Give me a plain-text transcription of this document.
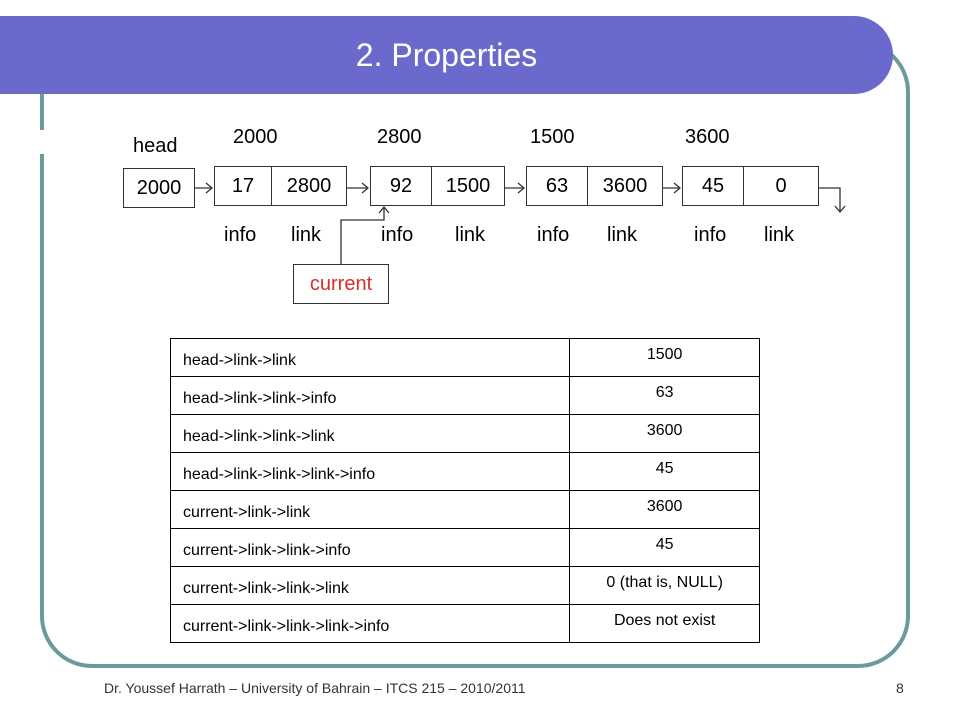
2. Properties
head
2000
2000	2800	1500	3600
17	2800	92	1500	63	3600	45	0
info link	info link	info link	info link
current
head->link->link	1500
head->link->link->info	63
head->link->link->link	3600
head->link->link->link->info	45
current->link->link	3600
current->link->link->info	45
current->link->link->link	0 (that is, NULL)
current->link->link->link->info	Does not exist
Dr. Youssef Harrath – University of Bahrain – ITCS 215 – 2010/2011	8
